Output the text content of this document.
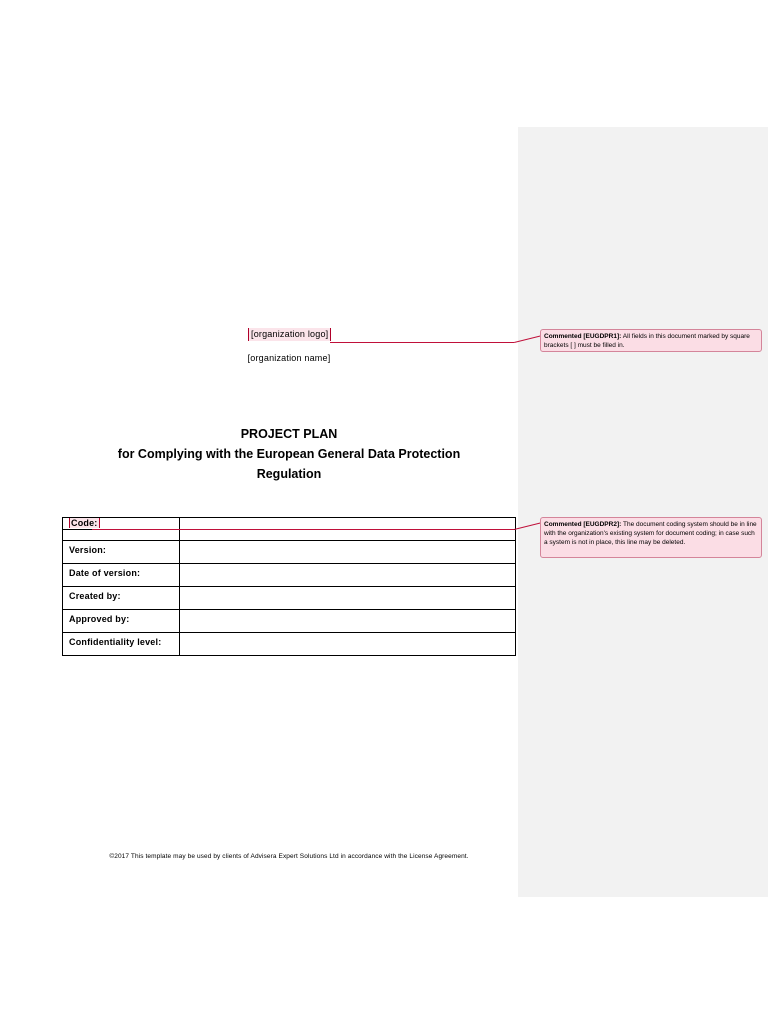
[organization logo]
[organization name]
PROJECT PLAN
for Complying with the European General Data Protection
Regulation
Code:	

Version:	
Date of version:	
Created by:	
Approved by:	
Confidentiality level:	
©2017 This template may be used by clients of Advisera Expert Solutions Ltd in accordance with the License Agreement.
Commented [EUGDPR1]: All fields in this document marked by square brackets [ ] must be filled in.
Commented [EUGDPR2]: The document coding system should be in line with the organization's existing system for document coding; in case such a system is not in place, this line may be deleted.
